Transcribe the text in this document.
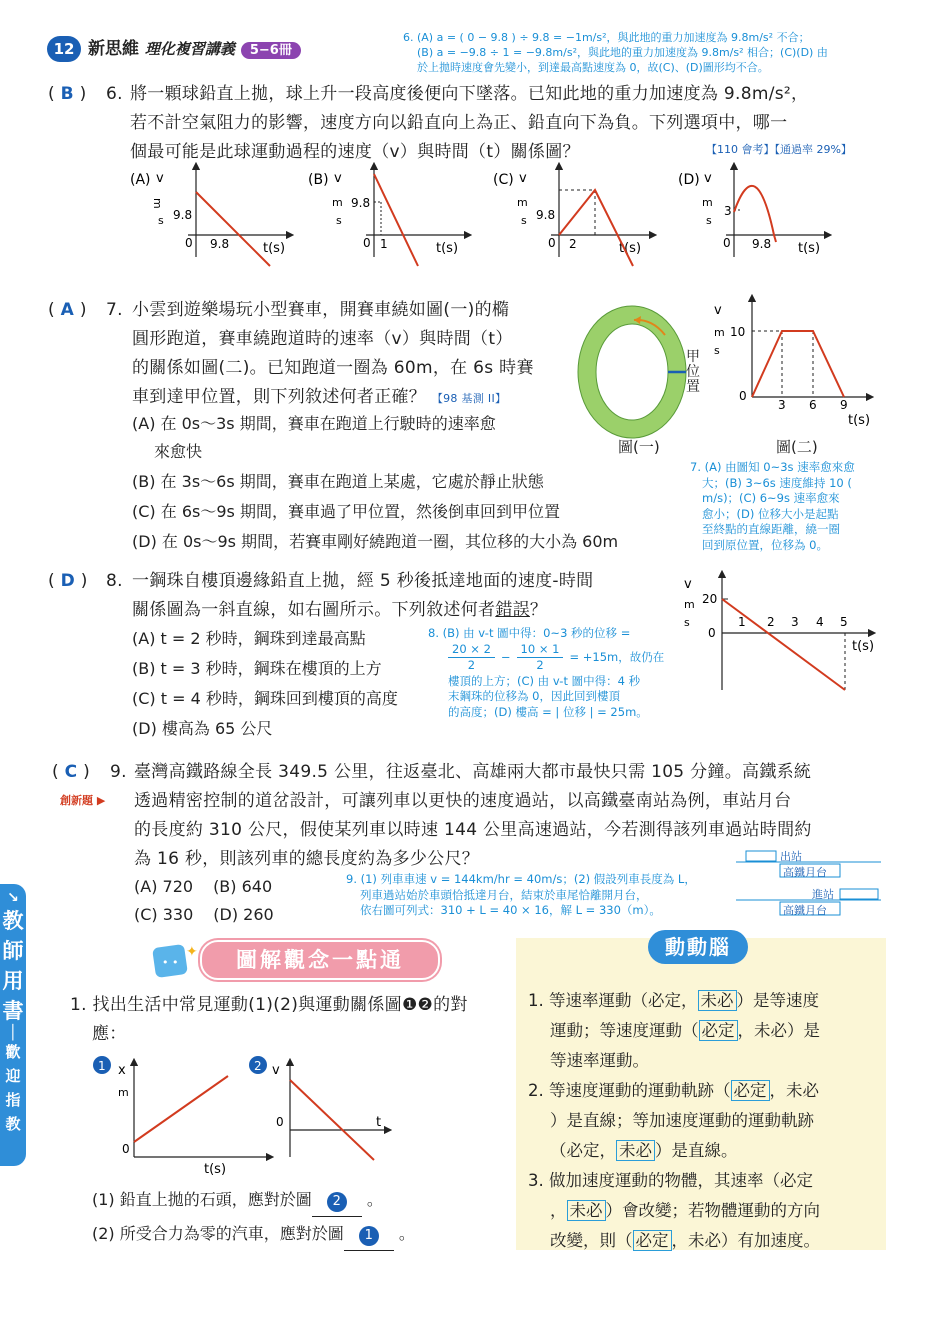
12 新思維 理化複習講義 5−6冊
6. (A) a = ( 0 − 9.8 ) ÷ 9.8 = −1m/s²，與此地的重力加速度為 9.8m/s² 不合；
(B) a = −9.8 ÷ 1 = −9.8m/s²，與此地的重力加速度為 9.8m/s² 相合；(C)(D) 由
於上拋時速度會先變小，到達最高點速度為 0，故(C)、(D)圖形均不合。
( B ) 6. 將一顆球鉛直上拋，球上升一段高度後便向下墜落。已知此地的重力加速度為 9.8m/s²，
若不計空氣阻力的影響，速度方向以鉛直向上為正、鉛直向下為負。下列選項中，哪一
個最可能是此球運動過程的速度（v）與時間（t）關係圖？	【110 會考】【通過率 29%】
(A) v
m
s 9.8
0 9.8	t(s)
(B) v
m
s
9.8
0 1	t(s)
(C) v
m
s 9.8
0 2	t(s)
(D) v
m
s
3
0 9.8 t(s)
( A ) 7. 小雲到遊樂場玩小型賽車，開賽車繞如圖(一)的橢
圓形跑道，賽車繞跑道時的速率（v）與時間（t）
的關係如圖(二)。已知跑道一圈為 60m，在 6s 時賽
車到達甲位置，則下列敘述何者正確？ 【98 基測 II】
(A) 在 0s～3s 期間，賽車在跑道上行駛時的速率愈
來愈快
(B) 在 3s～6s 期間，賽車在跑道上某處，它處於靜止狀態
(C) 在 6s～9s 期間，賽車過了甲位置，然後倒車回到甲位置
(D) 在 0s～9s 期間，若賽車剛好繞跑道一圈，其位移的大小為 60m
甲位置
圖(一)
v
m
s
10
0
3 6 9
t(s)
圖(二)
7. (A) 由圖知 0~3s 速率愈來愈
大；(B) 3~6s 速度維持 10 (
m/s)；(C) 6~9s 速率愈來
愈小；(D) 位移大小是起點
至終點的直線距離，繞一圈
回到原位置，位移為 0。
( D ) 8. 一鋼珠自樓頂邊緣鉛直上拋，經 5 秒後抵達地面的速度-時間
關係圖為一斜直線，如右圖所示。下列敘述何者錯誤？
(A) t = 2 秒時，鋼珠到達最高點
(B) t = 3 秒時，鋼珠在樓頂的上方
(C) t = 4 秒時，鋼珠回到樓頂的高度
(D) 樓高為 65 公尺
8. (B) 由 v-t 圖中得：0~3 秒的位移 =
$\frac{20 \times 2}{2} - \frac{10 \times 1}{2} = +15m$，故仍在
樓頂的上方；(C) 由 v-t 圖中得：4 秒
末鋼珠的位移為 0，因此回到樓頂
的高度；(D) 樓高 = | 位移 | = 25m。
v
m
s
20
0
1 2 3 4 5
t(s)
( C ) 9.
創新題 ▶
臺灣高鐵路線全長 349.5 公里，往返臺北、高雄兩大都市最快只需 105 分鐘。高鐵系統
透過精密控制的道岔設計，可讓列車以更快的速度過站，以高鐵臺南站為例，車站月台
的長度約 310 公尺，假使某列車以時速 144 公里高速過站，今若測得該列車過站時間約
為 16 秒，則該列車的總長度約為多少公尺？
(A) 720 (B) 640
(C) 330 (D) 260
9. (1) 列車車速 v = 144km/hr = 40m/s；(2) 假設列車長度為 L，
列車過站始於車頭恰抵達月台，結束於車尾恰離開月台，
依右圖可列式：310 + L = 40 × 16，解 L = 330（m）。
出站
高鐵月台
進站
高鐵月台
↘
教
師
用
書
│
歡
迎
指
教
• •
✦	圖解觀念一點通
1. 找出生活中常見運動(1)(2)與運動關係圖❶❷的對
應：
1 x
m
0
t(s)
2 v
0	t
(1) 鉛直上拋的石頭，應對於圖 2 。
(2) 所受合力為零的汽車，應對於圖 1 。
動動腦
1. 等速率運動（必定， 未必 ）是等速度
運動；等速度運動（ 必定 ，未必）是
等速率運動。
2. 等速度運動的運動軌跡（ 必定 ，未必
）是直線；等加速度運動的運動軌跡
（必定， 未必 ）是直線。
3. 做加速度運動的物體，其速率（必定
， 未必 ）會改變；若物體運動的方向
改變，則（ 必定 ，未必）有加速度。
